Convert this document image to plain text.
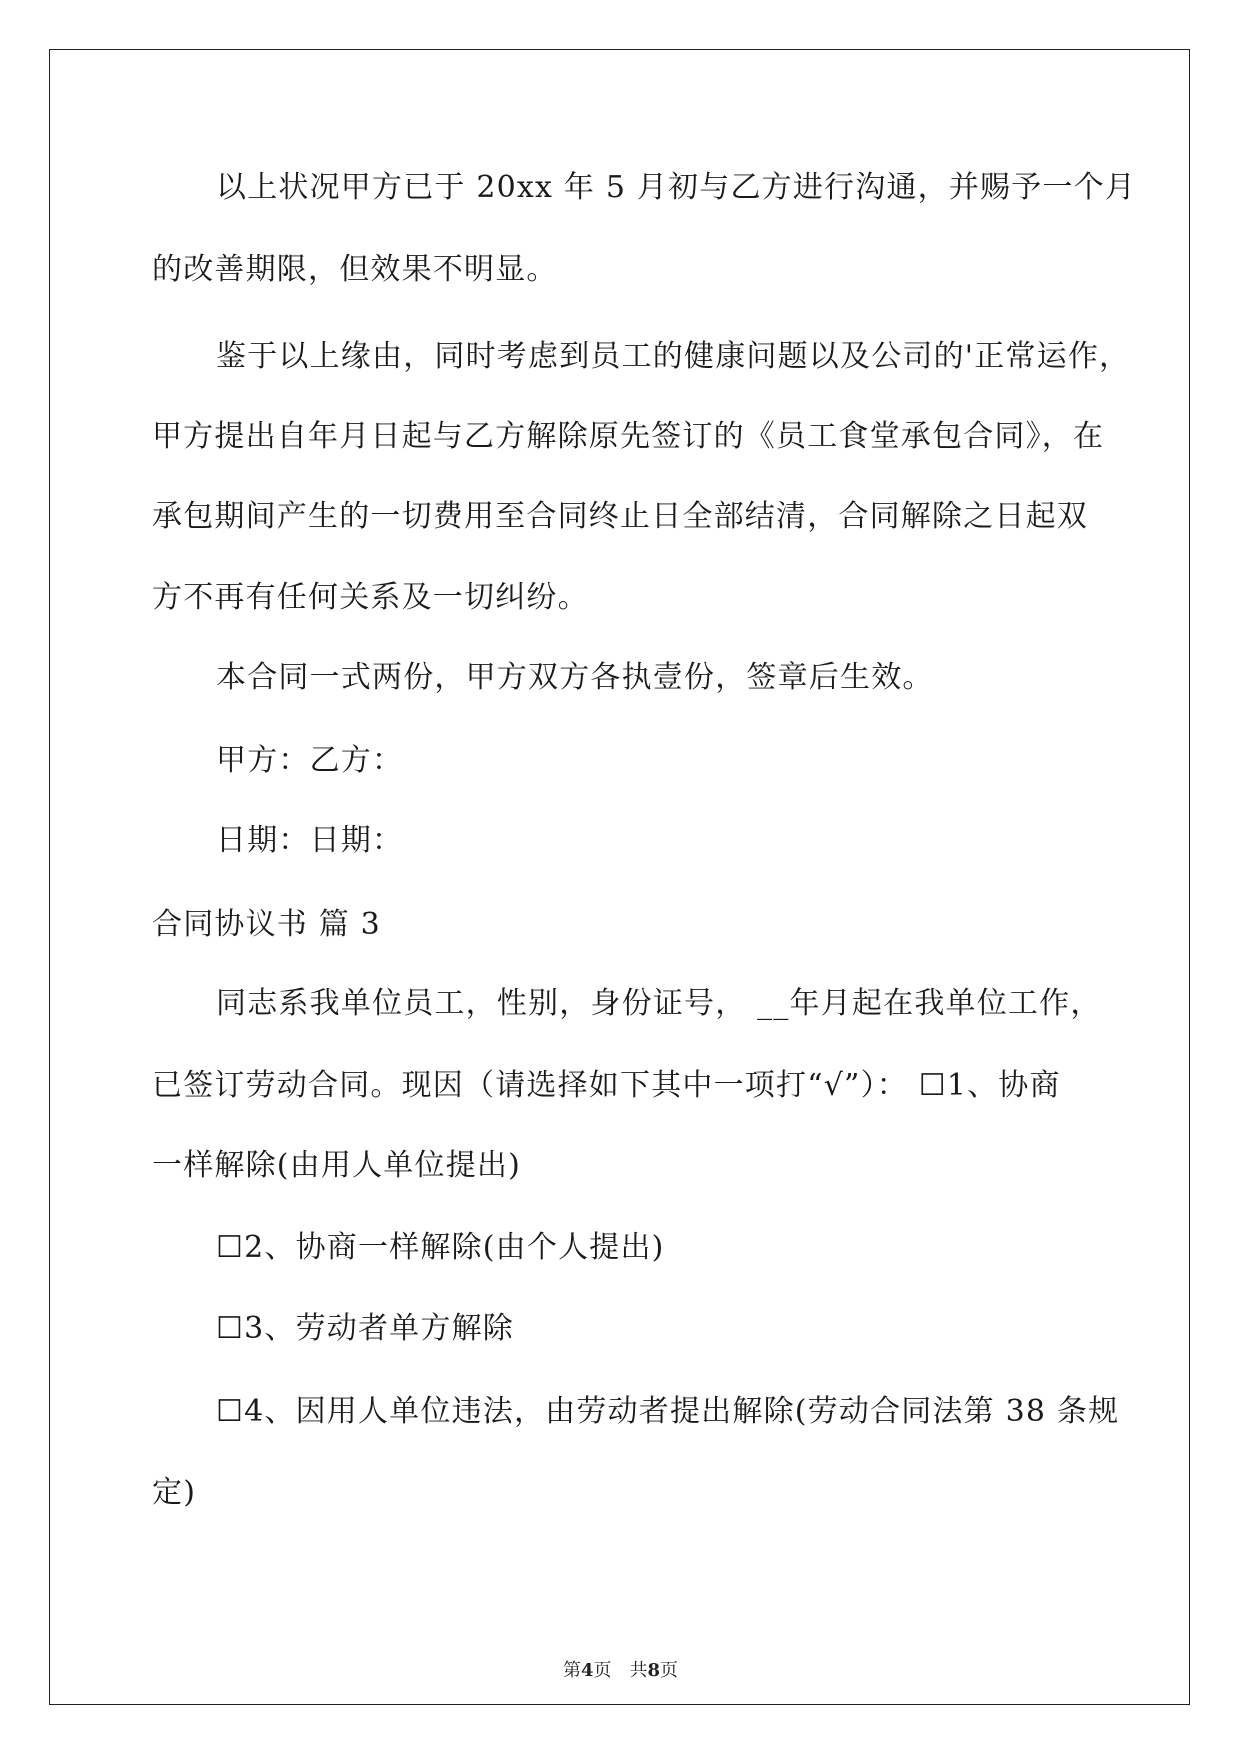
以上状况甲方已于 20xx 年 5 月初与乙方进行沟通，并赐予一个月
的改善期限，但效果不明显。
鉴于以上缘由，同时考虑到员工的健康问题以及公司的'正常运作，
甲方提出自年月日起与乙方解除原先签订的《员工食堂承包合同》，在
承包期间产生的一切费用至合同终止日全部结清，合同解除之日起双
方不再有任何关系及一切纠纷。
本合同一式两份，甲方双方各执壹份，签章后生效。
甲方：乙方：
日期：日期：
合同协议书 篇 3
同志系我单位员工，性别，身份证号， __年月起在我单位工作，
已签订劳动合同。现因（请选择如下其中一项打“√”）： ☐1、协商
一样解除(由用人单位提出)
☐2、协商一样解除(由个人提出)
☐3、劳动者单方解除
☐4、因用人单位违法，由劳动者提出解除(劳动合同法第 38 条规
定)
第4页 共8页
